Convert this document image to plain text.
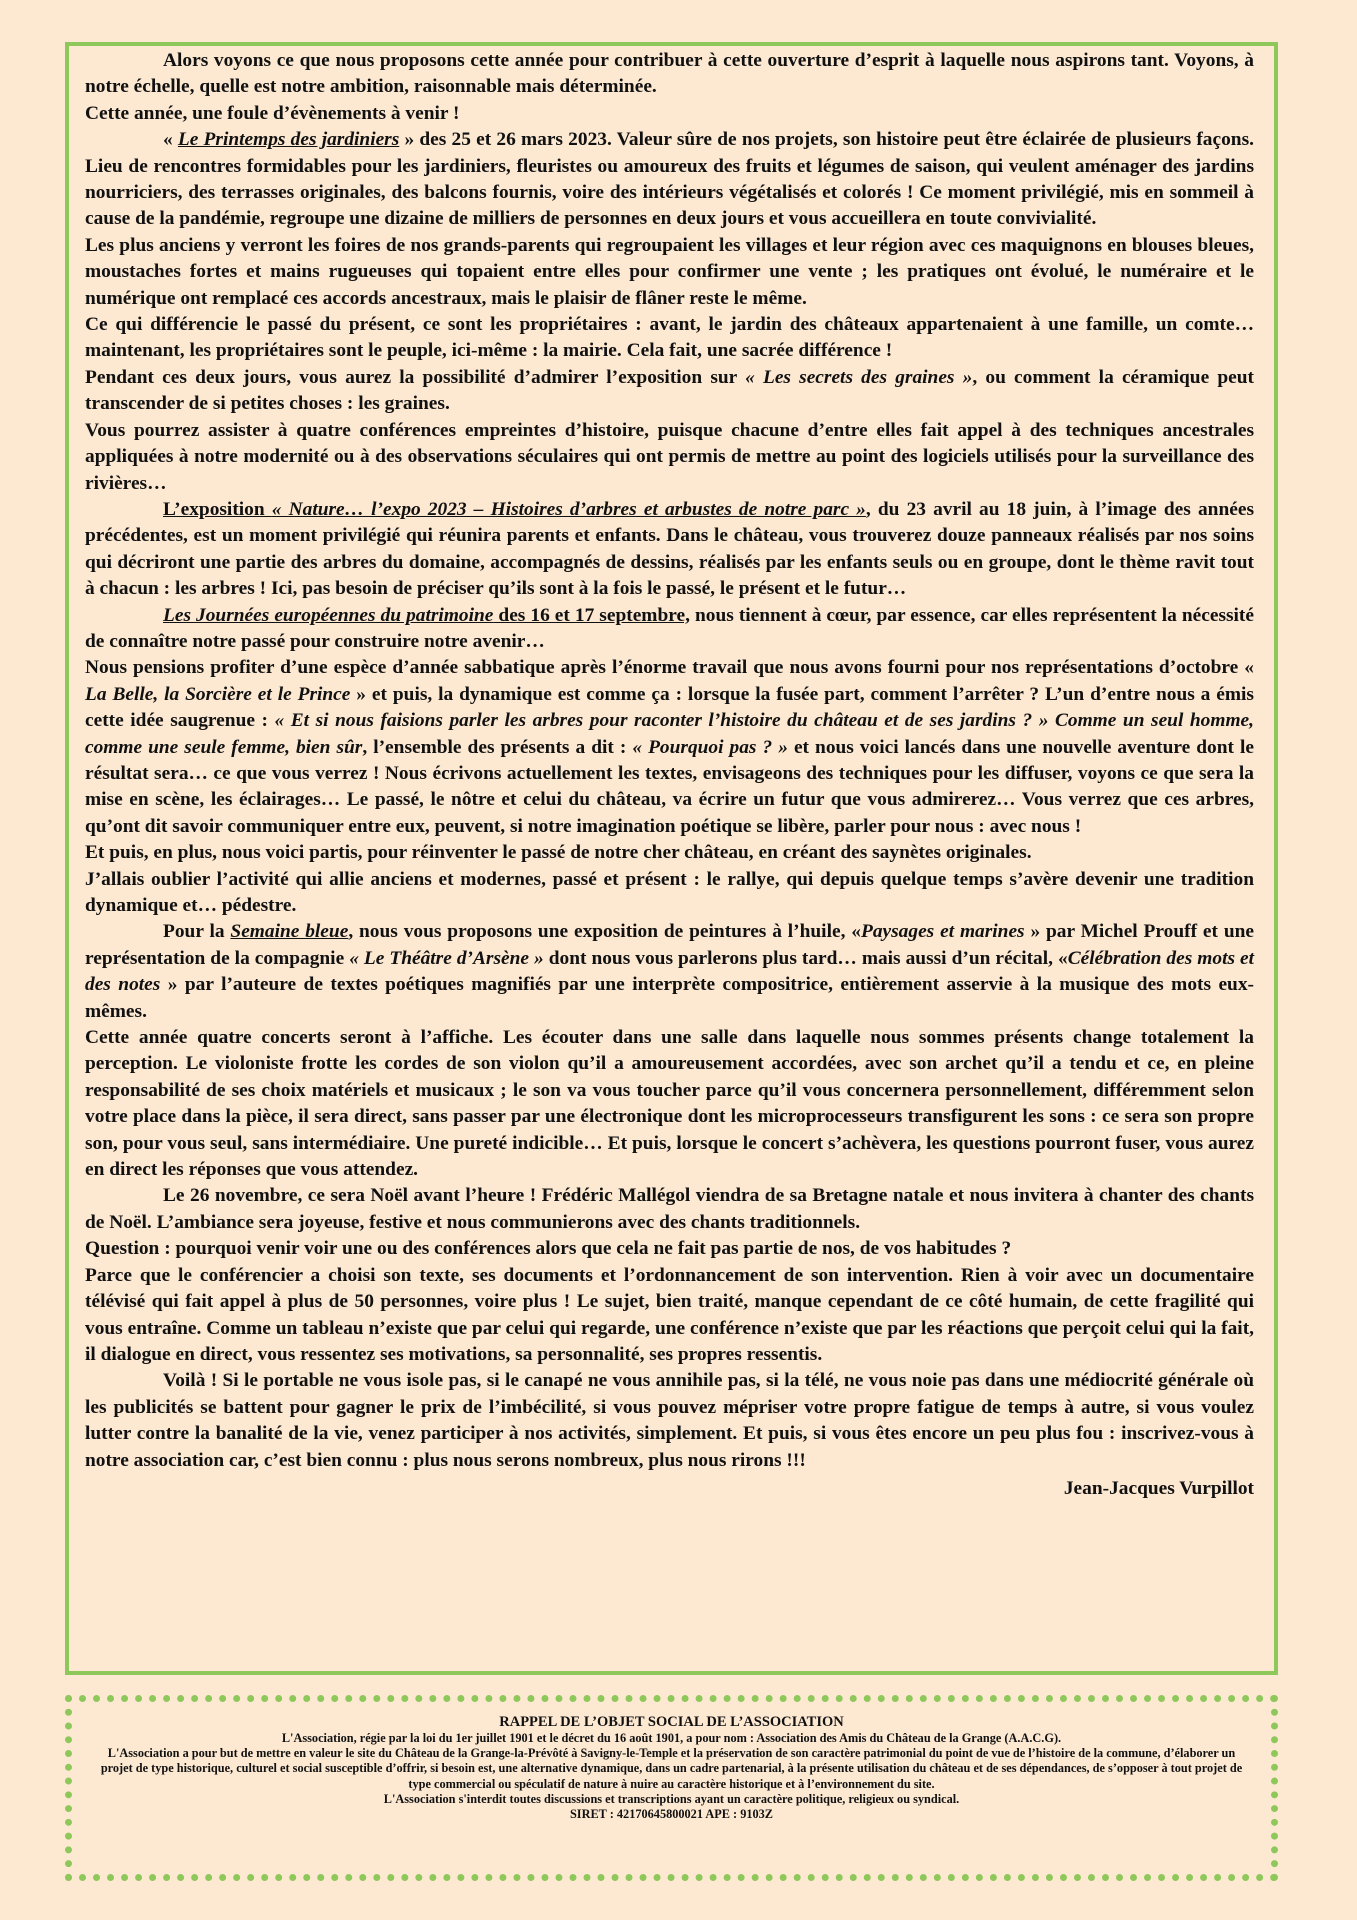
Alors voyons ce que nous proposons cette année pour contribuer à cette ouverture d’esprit à laquelle nous aspirons tant. Voyons, à notre échelle, quelle est notre ambition, raisonnable mais déterminée.

Cette année, une foule d’évènements à venir !

« Le Printemps des jardiniers » des 25 et 26 mars 2023. Valeur sûre de nos projets, son histoire peut être éclairée de plusieurs façons. Lieu de rencontres formidables pour les jardiniers, fleuristes ou amoureux des fruits et légumes de saison, qui veulent aménager des jardins nourriciers, des terrasses originales, des balcons fournis, voire des intérieurs végétalisés et colorés ! Ce moment privilégié, mis en sommeil à cause de la pandémie, regroupe une dizaine de milliers de personnes en deux jours et vous accueillera en toute convivialité.

Les plus anciens y verront les foires de nos grands-parents qui regroupaient les villages et leur région avec ces maquignons en blouses bleues, moustaches fortes et mains rugueuses qui topaient entre elles pour confirmer une vente ; les pratiques ont évolué, le numéraire et le numérique ont remplacé ces accords ancestraux, mais le plaisir de flâner reste le même.

Ce qui différencie le passé du présent, ce sont les propriétaires : avant, le jardin des châteaux appartenaient à une famille, un comte… maintenant, les propriétaires sont le peuple, ici-même : la mairie. Cela fait, une sacrée différence !

Pendant ces deux jours, vous aurez la possibilité d’admirer l’exposition sur « Les secrets des graines », ou comment la céramique peut transcender de si petites choses : les graines.

Vous pourrez assister à quatre conférences empreintes d’histoire, puisque chacune d’entre elles fait appel à des techniques ancestrales appliquées à notre modernité ou à des observations séculaires qui ont permis de mettre au point des logiciels utilisés pour la surveillance des rivières…

L’exposition « Nature… l’expo 2023 – Histoires d’arbres et arbustes de notre parc », du 23 avril au 18 juin, à l’image des années précédentes, est un moment privilégié qui réunira parents et enfants. Dans le château, vous trouverez douze panneaux réalisés par nos soins qui décriront une partie des arbres du domaine, accompagnés de dessins, réalisés par les enfants seuls ou en groupe, dont le thème ravit tout à chacun : les arbres ! Ici, pas besoin de préciser qu’ils sont à la fois le passé, le présent et le futur…

Les Journées européennes du patrimoine des 16 et 17 septembre, nous tiennent à cœur, par essence, car elles représentent la nécessité de connaître notre passé pour construire notre avenir…

Nous pensions profiter d’une espèce d’année sabbatique après l’énorme travail que nous avons fourni pour nos représentations d’octobre « La Belle, la Sorcière et le Prince » et puis, la dynamique est comme ça : lorsque la fusée part, comment l’arrêter ? L’un d’entre nous a émis cette idée saugrenue : « Et si nous faisions parler les arbres pour raconter l’histoire du château et de ses jardins ? » Comme un seul homme, comme une seule femme, bien sûr, l’ensemble des présents a dit : « Pourquoi pas ? » et nous voici lancés dans une nouvelle aventure dont le résultat sera… ce que vous verrez ! Nous écrivons actuellement les textes, envisageons des techniques pour les diffuser, voyons ce que sera la mise en scène, les éclairages… Le passé, le nôtre et celui du château, va écrire un futur que vous admirerez… Vous verrez que ces arbres, qu’ont dit savoir communiquer entre eux, peuvent, si notre imagination poétique se libère, parler pour nous : avec nous !

Et puis, en plus, nous voici partis, pour réinventer le passé de notre cher château, en créant des saynètes originales.

J’allais oublier l’activité qui allie anciens et modernes, passé et présent : le rallye, qui depuis quelque temps s’avère devenir une tradition dynamique et… pédestre.

Pour la Semaine bleue, nous vous proposons une exposition de peintures à l’huile, «Paysages et marines » par Michel Prouff et une représentation de la compagnie « Le Théâtre d’Arsène » dont nous vous parlerons plus tard… mais aussi d’un récital, «Célébration des mots et des notes » par l’auteure de textes poétiques magnifiés par une interprète compositrice, entièrement asservie à la musique des mots eux-mêmes.

Cette année quatre concerts seront à l’affiche. Les écouter dans une salle dans laquelle nous sommes présents change totalement la perception. Le violoniste frotte les cordes de son violon qu’il a amoureusement accordées, avec son archet qu’il a tendu et ce, en pleine responsabilité de ses choix matériels et musicaux ; le son va vous toucher parce qu’il vous concernera personnellement, différemment selon votre place dans la pièce, il sera direct, sans passer par une électronique dont les microprocesseurs transfigurent les sons : ce sera son propre son, pour vous seul, sans intermédiaire. Une pureté indicible… Et puis, lorsque le concert s’achèvera, les questions pourront fuser, vous aurez en direct les réponses que vous attendez.

Le 26 novembre, ce sera Noël avant l’heure ! Frédéric Mallégol viendra de sa Bretagne natale et nous invitera à chanter des chants de Noël. L’ambiance sera joyeuse, festive et nous communierons avec des chants traditionnels.

Question : pourquoi venir voir une ou des conférences alors que cela ne fait pas partie de nos, de vos habitudes ?

Parce que le conférencier a choisi son texte, ses documents et l’ordonnancement de son intervention. Rien à voir avec un documentaire télévisé qui fait appel à plus de 50 personnes, voire plus ! Le sujet, bien traité, manque cependant de ce côté humain, de cette fragilité qui vous entraîne. Comme un tableau n’existe que par celui qui regarde, une conférence n’existe que par les réactions que perçoit celui qui la fait, il dialogue en direct, vous ressentez ses motivations, sa personnalité, ses propres ressentis.

Voilà ! Si le portable ne vous isole pas, si le canapé ne vous annihile pas, si la télé, ne vous noie pas dans une médiocrité générale où les publicités se battent pour gagner le prix de l’imbécilité, si vous pouvez mépriser votre propre fatigue de temps à autre, si vous voulez lutter contre la banalité de la vie, venez participer à nos activités, simplement. Et puis, si vous êtes encore un peu plus fou : inscrivez-vous à notre association car, c’est bien connu : plus nous serons nombreux, plus nous rirons !!!

Jean-Jacques Vurpillot

RAPPEL DE L’OBJET SOCIAL DE L’ASSOCIATION
L'Association, régie par la loi du 1er juillet 1901 et le décret du 16 août 1901, a pour nom : Association des Amis du Château de la Grange (A.A.C.G).
L'Association a pour but de mettre en valeur le site du Château de la Grange-la-Prévôté à Savigny-le-Temple et la préservation de son caractère patrimonial du point de vue de l’histoire de la commune, d’élaborer un projet de type historique, culturel et social susceptible d’offrir, si besoin est, une alternative dynamique, dans un cadre partenarial, à la présente utilisation du château et de ses dépendances, de s’opposer à tout projet de type commercial ou spéculatif de nature à nuire au caractère historique et à l’environnement du site.
L'Association s'interdit toutes discussions et transcriptions ayant un caractère politique, religieux ou syndical.
SIRET : 42170645800021 APE : 9103Z
